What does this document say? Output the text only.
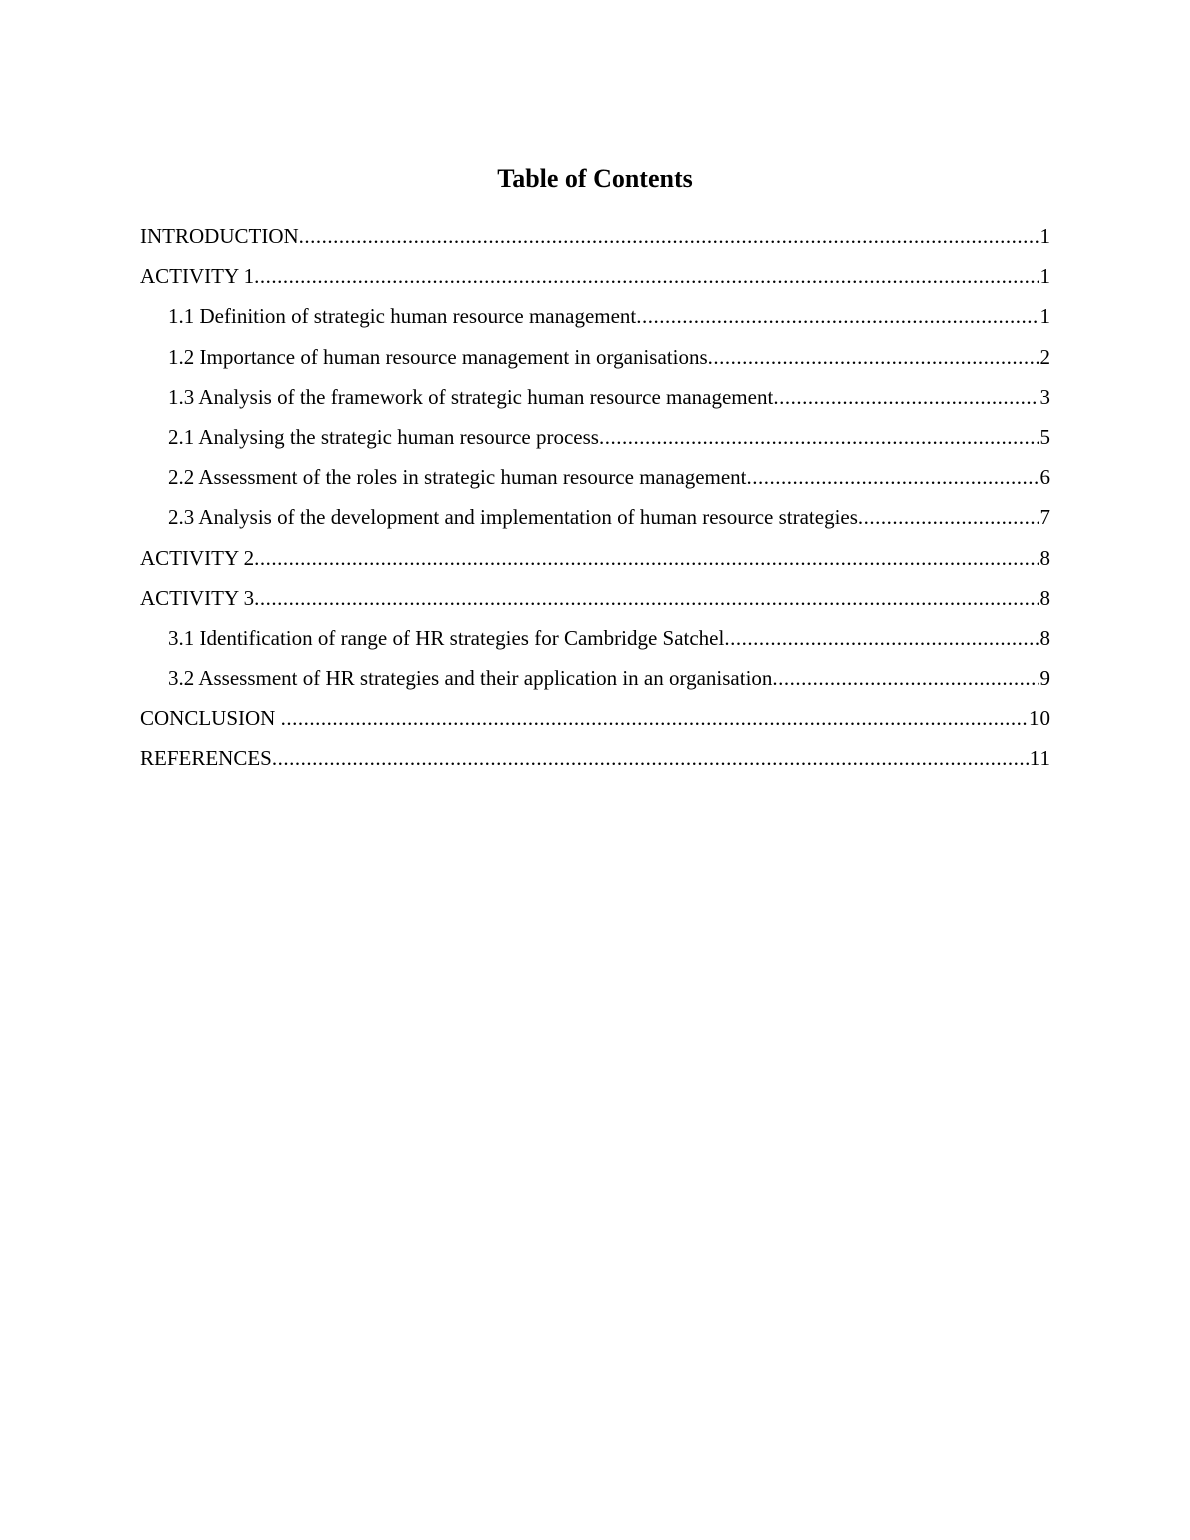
Table of Contents
INTRODUCTION .....	1
ACTIVITY 1 .....	1
1.1 Definition of strategic human resource management .....	1
1.2 Importance of human resource management in organisations .....	2
1.3 Analysis of the framework of strategic human resource management .....	3
2.1 Analysing the strategic human resource process .....	5
2.2 Assessment of the roles in strategic human resource management .....	6
2.3 Analysis of the development and implementation of human resource strategies .....	7
ACTIVITY 2 .....	8
ACTIVITY 3 .....	8
3.1 Identification of range of HR strategies for Cambridge Satchel .....	8
3.2 Assessment of HR strategies and their application in an organisation .....	9
CONCLUSION .....	10
REFERENCES .....	11
